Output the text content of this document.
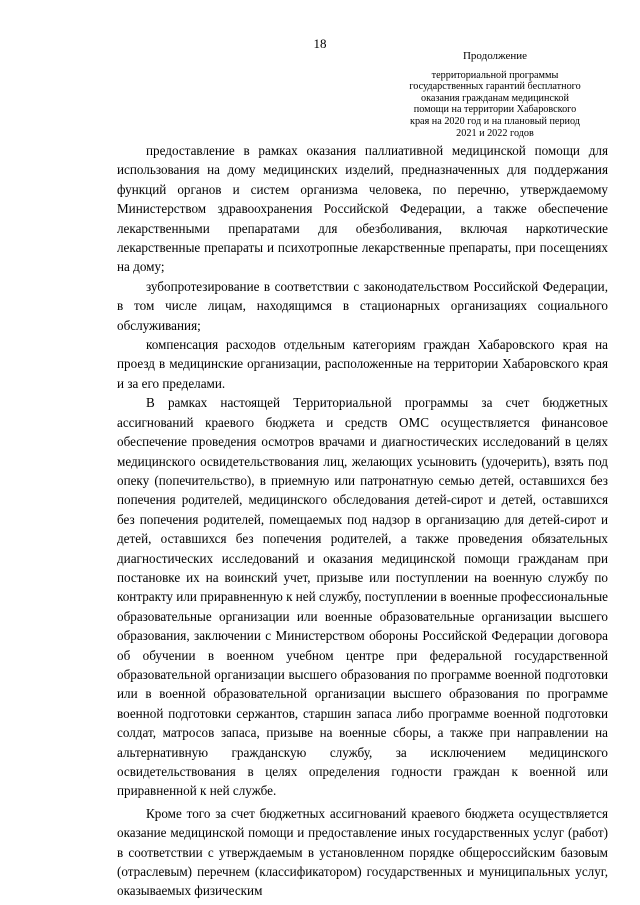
18
Продолжение
территориальной программы
государственных гарантий бесплатного
оказания гражданам медицинской
помощи на территории Хабаровского
края на 2020 год и на плановый период
2021 и 2022 годов

предоставление в рамках оказания паллиативной медицинской помощи для использования на дому медицинских изделий, предназначенных для поддержания функций органов и систем организма человека, по перечню, утверждаемому Министерством здравоохранения Российской Федерации, а также обеспечение лекарственными препаратами для обезболивания, включая наркотические лекарственные препараты и психотропные лекарственные препараты, при посещениях на дому;

зубопротезирование в соответствии с законодательством Российской Федерации, в том числе лицам, находящимся в стационарных организациях социального обслуживания;

компенсация расходов отдельным категориям граждан Хабаровского края на проезд в медицинские организации, расположенные на территории Хабаровского края и за его пределами.

В рамках настоящей Территориальной программы за счет бюджетных ассигнований краевого бюджета и средств ОМС осуществляется финансовое обеспечение проведения осмотров врачами и диагностических исследований в целях медицинского освидетельствования лиц, желающих усыновить (удочерить), взять под опеку (попечительство), в приемную или патронатную семью детей, оставшихся без попечения родителей, медицинского обследования детей-сирот и детей, оставшихся без попечения родителей, помещаемых под надзор в организацию для детей-сирот и детей, оставшихся без попечения родителей, а также проведения обязательных диагностических исследований и оказания медицинской помощи гражданам при постановке их на воинский учет, призыве или поступлении на военную службу по контракту или приравненную к ней службу, поступлении в военные профессиональные образовательные организации или военные образовательные организации высшего образования, заключении с Министерством обороны Российской Федерации договора об обучении в военном учебном центре при федеральной государственной образовательной организации высшего образования по программе военной подготовки или в военной образовательной организации высшего образования по программе военной подготовки сержантов, старшин запаса либо программе военной подготовки солдат, матросов запаса, призыве на военные сборы, а также при направлении на альтернативную гражданскую службу, за исключением медицинского освидетельствования в целях определения годности граждан к военной или приравненной к ней службе.

Кроме того за счет бюджетных ассигнований краевого бюджета осуществляется оказание медицинской помощи и предоставление иных государственных услуг (работ) в соответствии с утверждаемым в установленном порядке общероссийским базовым (отраслевым) перечнем (классификатором) государственных и муниципальных услуг, оказываемых физическим
